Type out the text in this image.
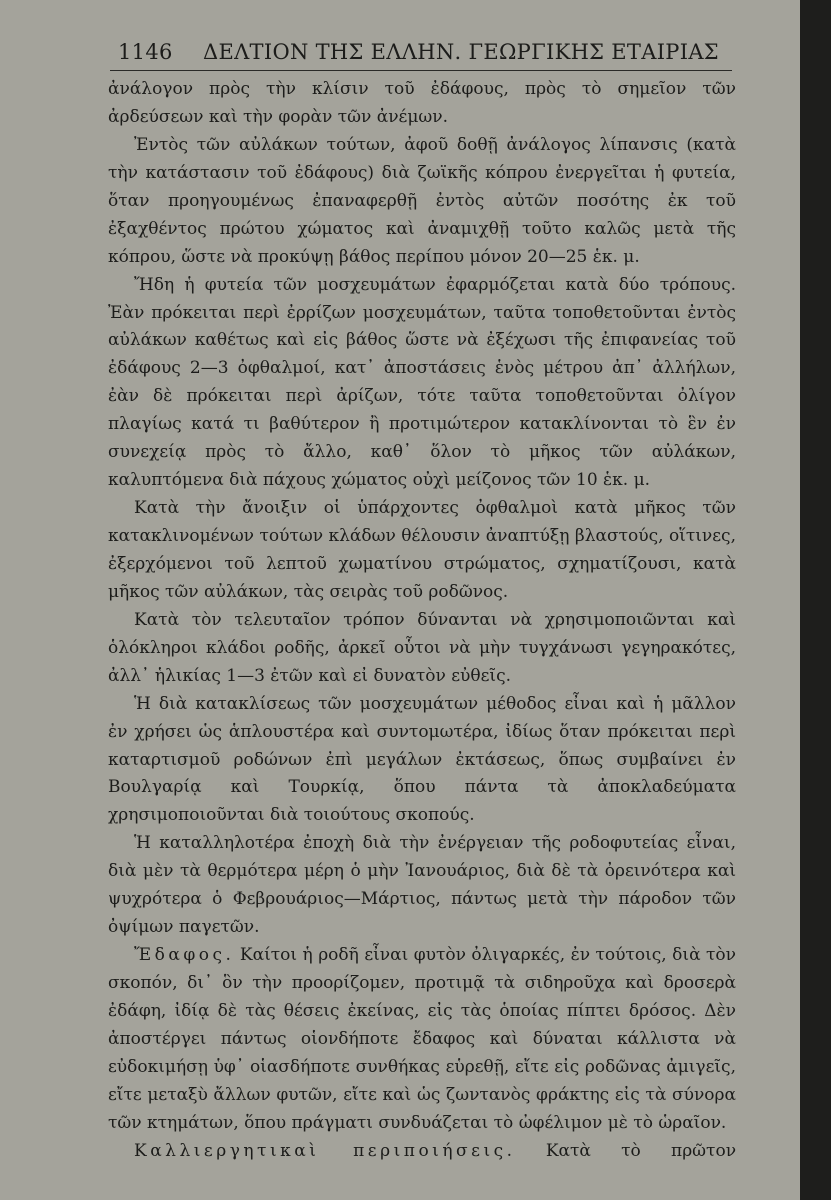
1146 ΔΕΛΤΙΟΝ ΤΗΣ ΕΛΛΗΝ. ΓΕΩΡΓΙΚΗΣ ΕΤΑΙΡΙΑΣ

ἀνάλογον πρὸς τὴν κλίσιν τοῦ ἐδάφους, πρὸς τὸ σημεῖον τῶν ἀρδεύσεων καὶ τὴν φορὰν τῶν ἀνέμων.

Ἐντὸς τῶν αὐλάκων τούτων, ἀφοῦ δοθῇ ἀνάλογος λίπανσις (κατὰ τὴν κατάστασιν τοῦ ἐδάφους) διὰ ζωϊκῆς κόπρου ἐνεργεῖται ἡ φυτεία, ὅταν προηγουμένως ἐπαναφερθῇ ἐντὸς αὐτῶν ποσότης ἐκ τοῦ ἐξαχθέντος πρώτου χώματος καὶ ἀναμιχθῇ τοῦτο καλῶς μετὰ τῆς κόπρου, ὥστε νὰ προκύψῃ βάθος περίπου μόνον 20—25 ἑκ. μ.

Ἤδη ἡ φυτεία τῶν μοσχευμάτων ἐφαρμόζεται κατὰ δύο τρόπους. Ἐὰν πρόκειται περὶ ἐρρίζων μοσχευμάτων, ταῦτα τοποθετοῦνται ἐντὸς αὐλάκων καθέτως καὶ εἰς βάθος ὥστε νὰ ἐξέχωσι τῆς ἐπιφανείας τοῦ ἐδάφους 2—3 ὀφθαλμοί, κατ᾽ ἀποστάσεις ἑνὸς μέτρου ἀπ᾽ ἀλλήλων, ἐὰν δὲ πρόκειται περὶ ἀρίζων, τότε ταῦτα τοποθετοῦνται ὀλίγον πλαγίως κατά τι βαθύτερον ἢ προτιμώτερον κατακλίνονται τὸ ἓν ἐν συνεχείᾳ πρὸς τὸ ἄλλο, καθ᾽ ὅλον τὸ μῆκος τῶν αὐλάκων, καλυπτόμενα διὰ πάχους χώματος οὐχὶ μείζονος τῶν 10 ἑκ. μ.

Κατὰ τὴν ἄνοιξιν οἱ ὑπάρχοντες ὀφθαλμοὶ κατὰ μῆκος τῶν κατακλινομένων τούτων κλάδων θέλουσιν ἀναπτύξῃ βλαστούς, οἵτινες, ἐξερχόμενοι τοῦ λεπτοῦ χωματίνου στρώματος, σχηματίζουσι, κατὰ μῆκος τῶν αὐλάκων, τὰς σειρὰς τοῦ ροδῶνος.

Κατὰ τὸν τελευταῖον τρόπον δύνανται νὰ χρησιμοποιῶνται καὶ ὁλόκληροι κλάδοι ροδῆς, ἀρκεῖ οὗτοι νὰ μὴν τυγχάνωσι γεγηρακότες, ἀλλ᾽ ἡλικίας 1—3 ἐτῶν καὶ εἰ δυνατὸν εὐθεῖς.

Ἡ διὰ κατακλίσεως τῶν μοσχευμάτων μέθοδος εἶναι καὶ ἡ μᾶλλον ἐν χρήσει ὡς ἁπλουστέρα καὶ συντομωτέρα, ἰδίως ὅταν πρόκειται περὶ καταρτισμοῦ ροδώνων ἐπὶ μεγάλων ἐκτάσεως, ὅπως συμβαίνει ἐν Βουλγαρίᾳ καὶ Τουρκίᾳ, ὅπου πάντα τὰ ἀποκλαδεύματα χρησιμοποιοῦνται διὰ τοιούτους σκοπούς.

Ἡ καταλληλοτέρα ἐποχὴ διὰ τὴν ἐνέργειαν τῆς ροδοφυτείας εἶναι, διὰ μὲν τὰ θερμότερα μέρη ὁ μὴν Ἰανουάριος, διὰ δὲ τὰ ὀρεινότερα καὶ ψυχρότερα ὁ Φεβρουάριος—Μάρτιος, πάντως μετὰ τὴν πάροδον τῶν ὀψίμων παγετῶν.

Ἔδαφος. Καίτοι ἡ ροδῆ εἶναι φυτὸν ὀλιγαρκές, ἐν τούτοις, διὰ τὸν σκοπόν, δι᾽ ὃν τὴν προορίζομεν, προτιμᾷ τὰ σιδηροῦχα καὶ δροσερὰ ἐδάφη, ἰδίᾳ δὲ τὰς θέσεις ἐκείνας, εἰς τὰς ὁποίας πίπτει δρόσος. Δὲν ἀποστέργει πάντως οἱονδήποτε ἔδαφος καὶ δύναται κάλλιστα νὰ εὐδοκιμήσῃ ὑφ᾽ οἱασδήποτε συνθήκας εὑρεθῇ, εἴτε εἰς ροδῶνας ἀμιγεῖς, εἴτε μεταξὺ ἄλλων φυτῶν, εἴτε καὶ ὡς ζωντανὸς φράκτης εἰς τὰ σύνορα τῶν κτημάτων, ὅπου πράγματι συνδυάζεται τὸ ὠφέλιμον μὲ τὸ ὡραῖον.

Καλλιεργητικαὶ περιποιήσεις. Κατὰ τὸ πρῶτον
